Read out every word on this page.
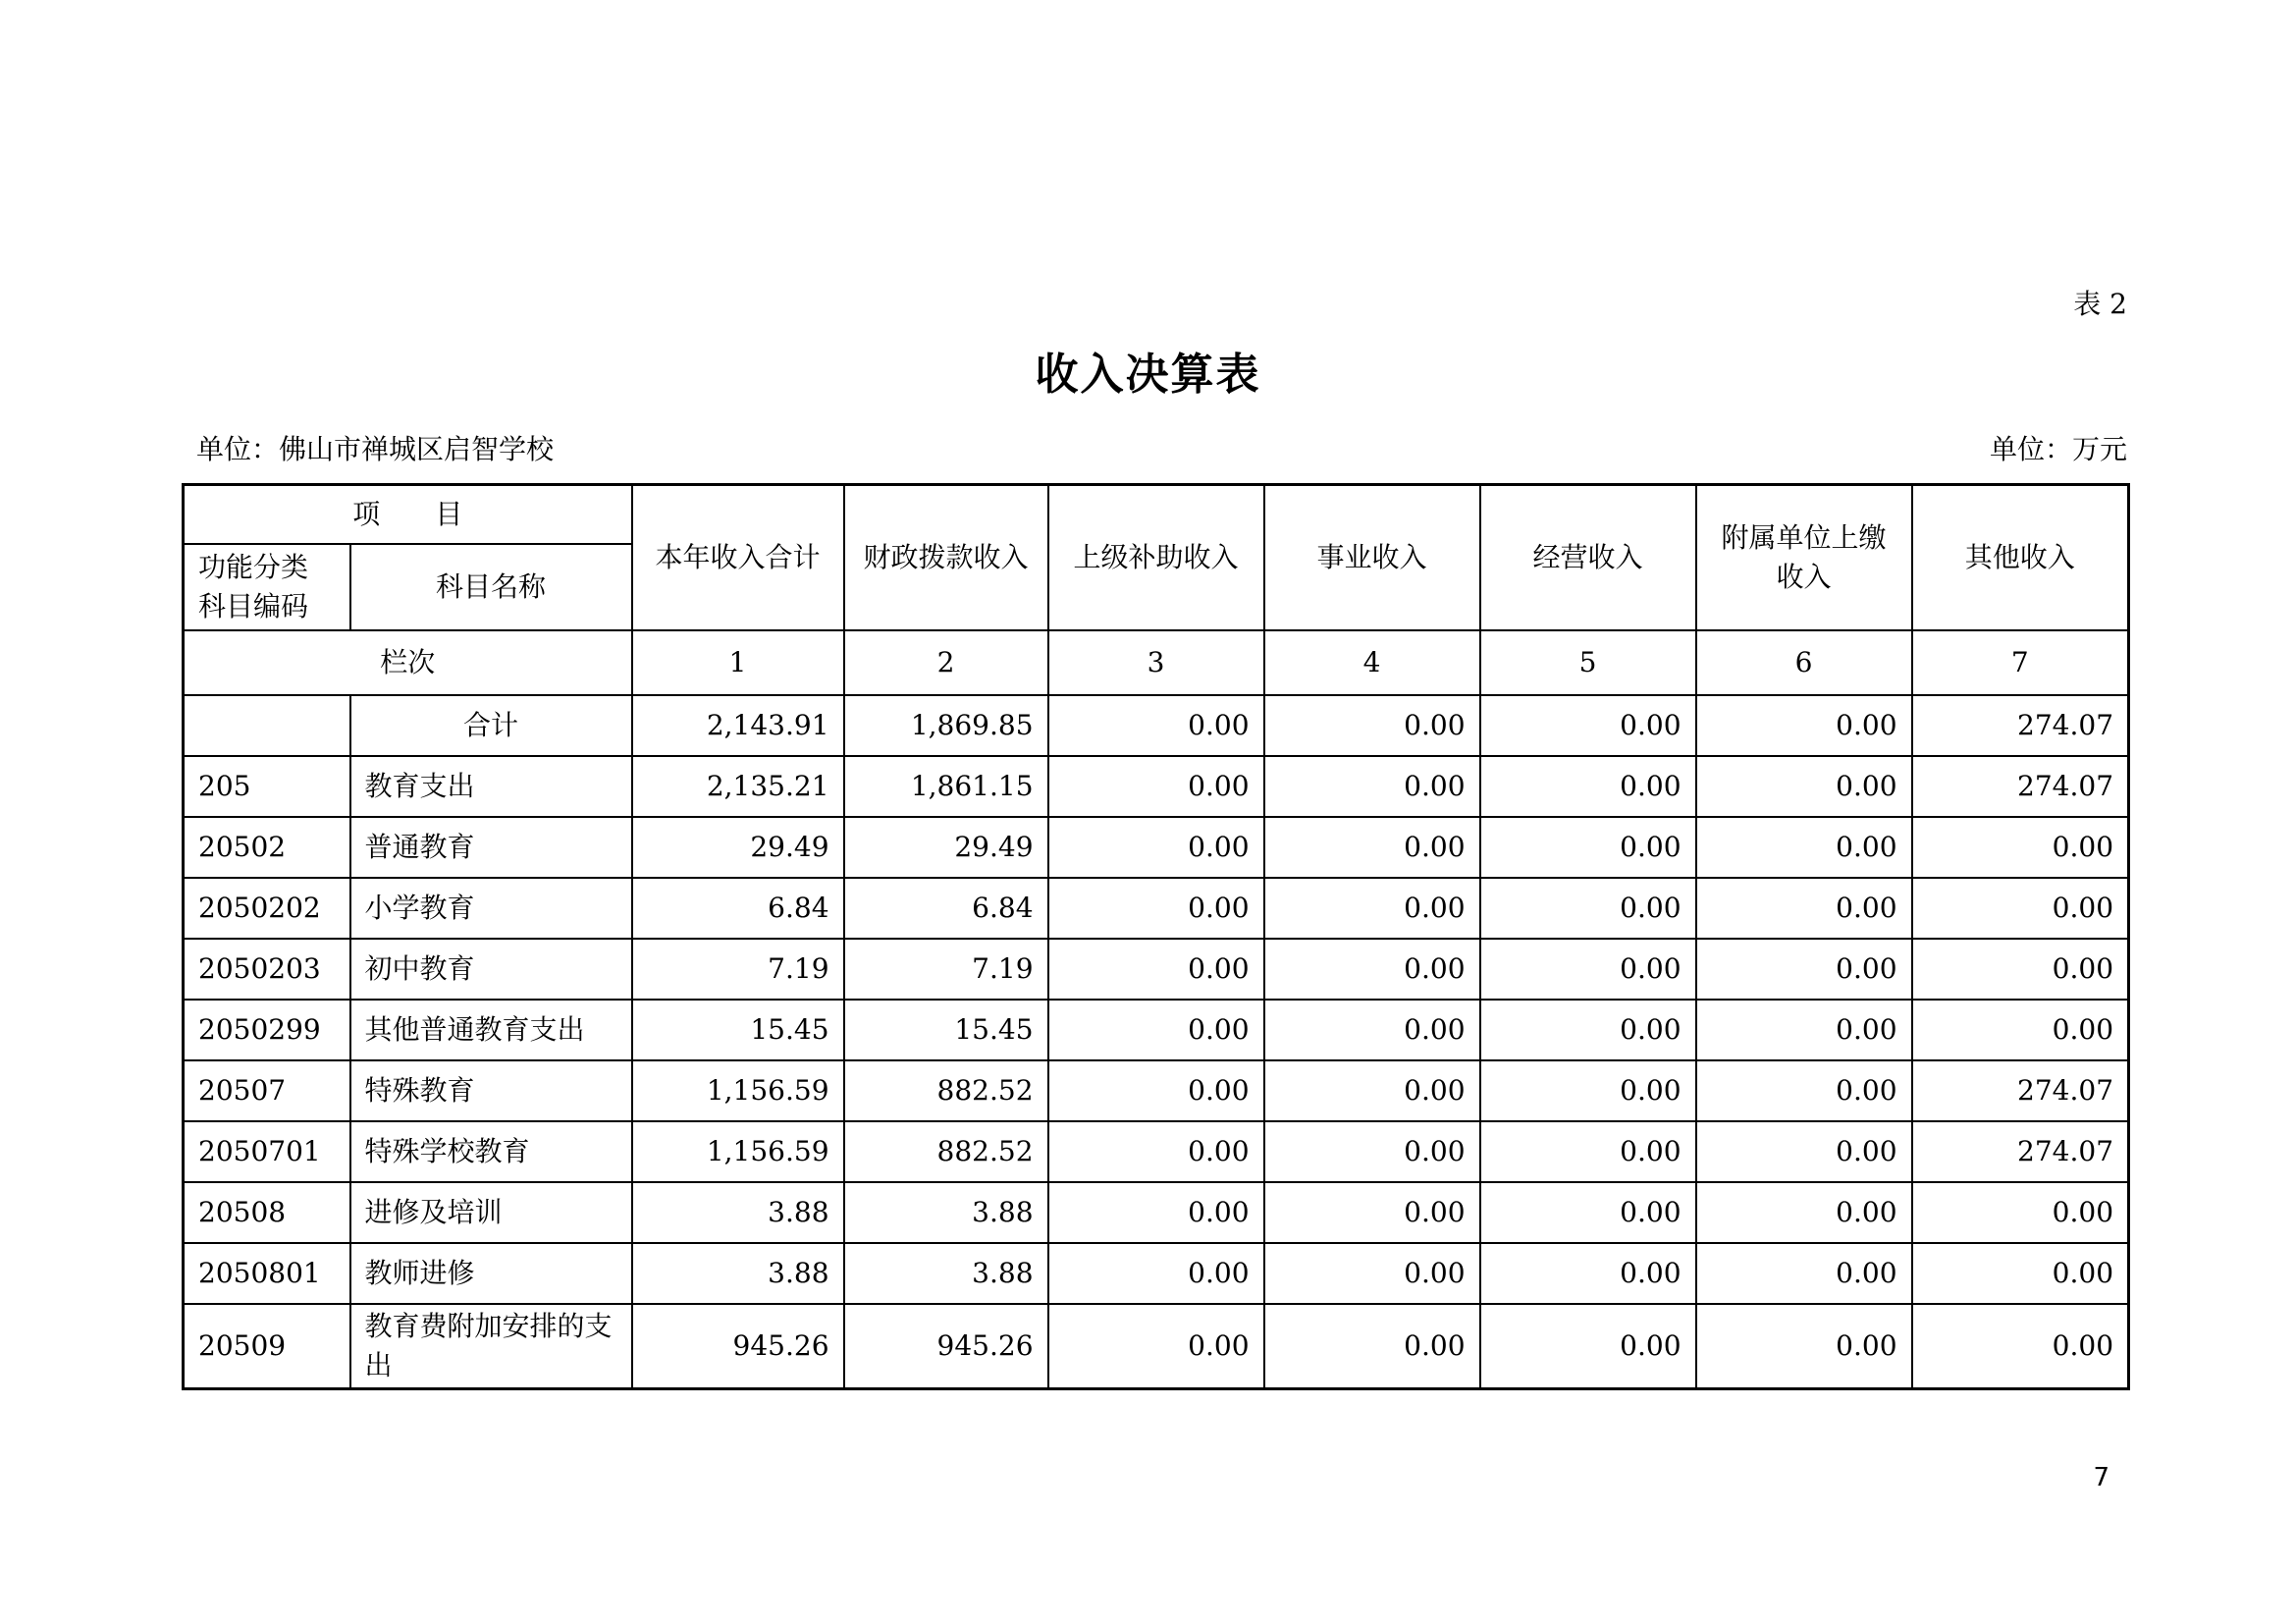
表 2
收入决算表
单位：佛山市禅城区启智学校	单位：万元
项　　目		本年收入合计	财政拨款收入	上级补助收入	事业收入	经营收入	附属单位上缴收入	其他收入
功能分类科目编码	科目名称							
栏次		1	2	3	4	5	6	7
	合计	2,143.91	1,869.85	0.00	0.00	0.00	0.00	274.07
205	教育支出	2,135.21	1,861.15	0.00	0.00	0.00	0.00	274.07
20502	普通教育	29.49	29.49	0.00	0.00	0.00	0.00	0.00
2050202	小学教育	6.84	6.84	0.00	0.00	0.00	0.00	0.00
2050203	初中教育	7.19	7.19	0.00	0.00	0.00	0.00	0.00
2050299	其他普通教育支出	15.45	15.45	0.00	0.00	0.00	0.00	0.00
20507	特殊教育	1,156.59	882.52	0.00	0.00	0.00	0.00	274.07
2050701	特殊学校教育	1,156.59	882.52	0.00	0.00	0.00	0.00	274.07
20508	进修及培训	3.88	3.88	0.00	0.00	0.00	0.00	0.00
2050801	教师进修	3.88	3.88	0.00	0.00	0.00	0.00	0.00
20509	教育费附加安排的支出	945.26	945.26	0.00	0.00	0.00	0.00	0.00
7
